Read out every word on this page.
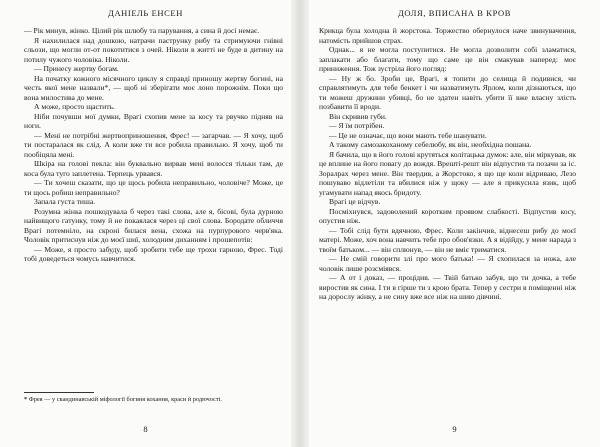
ДАНІЕЛЬ ЕНСЕН

— Рік минув, жінко. Цілий рік шлюбу та парування, а сина й досі немає.

Я нахилилася над дошкою, натрачи паструнку рибу та стримуючи гнівні сльози, що могли от-от покотитися з очей. Ніколи в житті не буде в дитину на потилу чужого чоловіка. Ніколи.

— Принесу жертву богам.

На початку кожного місячного циклу я справді приношу жертву богині, на честь якої мене назвали*, — щоб ні зберігати моє лоно порожнім. Поки що вона милостива до мене.

А може, просто щастить.

Ніби почувши мої думки, Врагі схопив мене за косу та рвучко підняв на ноги.

— Мені не потрібні жертвоприношення, Фрес! — загарчав. — Я хочу, щоб ти постаралася як слід. А коли вже ти все робила правильно. Я хочу, щоб ти пообіцяла мені.

Шкіра на голові пекла: він буквально вирвав мені волосся тільки там, де коса була туго заплетена. Терпець урвався.

— Ти хочеш сказати, що це щось робила неправильно, чоловіче? Може, це ти щось робиш неправильно?

Запала густа тиша.

Розумна жінка пошкодувала б через такі слова, але я, бісові, була дурною найвищого гатунку, тому й не покаялася через ці свої слова. Бородате обличчя Врагі потемніло, на скроні билася вена, схожа на пурпурового черв'яка. Чоловік притиснув ніж до моєї шиї, холодним диханням і прошепотів:

— Може, я просто забуду, щоб зробити тебе ще трохи гарною, Фрес. Тоді тобі доведеться чомусь навчитися.

* Фрея — у скандинавській міфології богиня кохання, краси й родючості.
8
ДОЛЯ, ВПИСАНА В КРОВ

Крикца була холодна й жорстока. Торжество обернулося наче звинувачення, натомість прийшов страх.

Однак... я не могла поступитися. Не могла дозволити собі зламатися, заплакати або благати, тому що саме це він смакував наперед: моє приниження. Тож зустріла його погляд:

— Ну ж бо. Зроби це, Врагі, я топити до селища й подивися, чи справлятимуть для тебе бенкет і чи назватимуть Ярлом, коли дізнаються, що ти можеш дружини убивці, бо не здатен навіть убити її вже власну злість позбавити її вроди.

Він скривив губи.

— Я їм потрібен.

— Це не означає, що вони мають тебе шанувати.

А такому самозакоханому себелюбу, як він, необхідна пошана.

Я бачила, що в його голові крутяться колітацька думок: але, він міркував, як це вплине на його повагу до вождя. Врешті-решт він відпустив та позачи за іс. Зоралрах через мене. Він твердив, а Жорстоко, я що ще коли відриваю, Лезо пошуваво відлетіли та вбилися ніж у щоку — але я прикусила язик, щоб угамувати напад якось бридоту.

Врагі це відчув.

Посміхнувся, задоволений коротким проявом слабкості. Відпустив косу, опустив ніж.

— Тобі слід бути вдячною, Фрес. Коли закінчив, віднесеш рибу до моєї матері. Може, хоч вона навчить тебе про обов'язки. А я відійду, у мене нарада з твоїм батьком... — він сплюнув, — він не вміє триматися.

— Не смій говорити злі про мого батька! — Я схопилася за ножа, але чоловік лише розсміявся.

— А от і доказ, — процідив. — Твій батько забув, що ти дочка, а тебе виростив як сина. І ти в гірше ти з крою брата. Тепер у сестри в поміщенні ніж на дорослу жінку, а не сину вже все ніж на шию дівчині.

9
